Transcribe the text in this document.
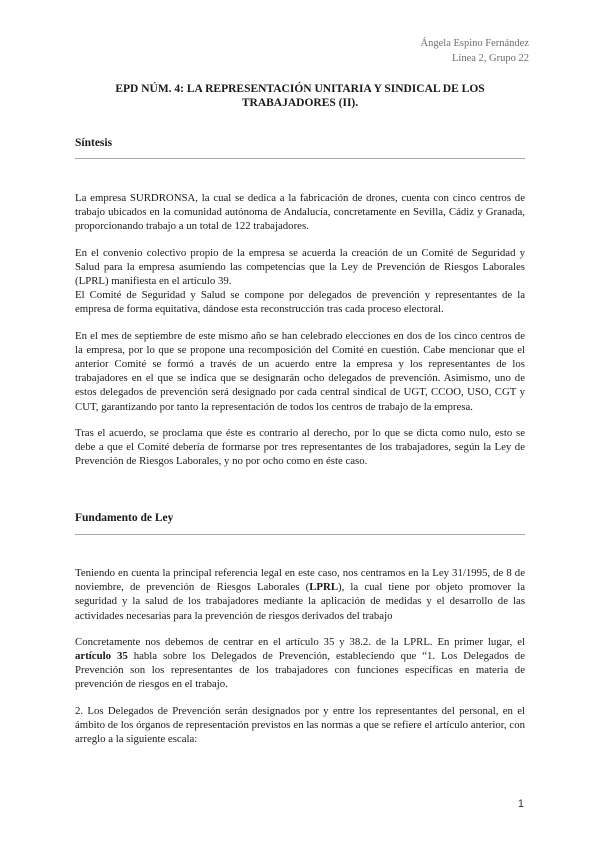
Ángela Espino Fernández
Línea 2, Grupo 22
EPD NÚM. 4: LA REPRESENTACIÓN UNITARIA Y SINDICAL DE LOS TRABAJADORES (II).
Síntesis

La empresa SURDRONSA, la cual se dedica a la fabricación de drones, cuenta con cinco centros de trabajo ubicados en la comunidad autónoma de Andalucía, concretamente en Sevilla, Cádiz y Granada, proporcionando trabajo a un total de 122 trabajadores.

En el convenio colectivo propio de la empresa se acuerda la creación de un Comité de Seguridad y Salud para la empresa asumiendo las competencias que la Ley de Prevención de Riesgos Laborales (LPRL) manifiesta en el artículo 39.

El Comité de Seguridad y Salud se compone por delegados de prevención y representantes de la empresa de forma equitativa, dándose esta reconstrucción tras cada proceso electoral.

En el mes de septiembre de este mismo año se han celebrado elecciones en dos de los cinco centros de la empresa, por lo que se propone una recomposición del Comité en cuestión. Cabe mencionar que el anterior Comité se formó a través de un acuerdo entre la empresa y los representantes de los trabajadores en el que se indica que se designarán ocho delegados de prevención. Asimismo, uno de estos delegados de prevención será designado por cada central sindical de UGT, CCOO, USO, CGT y CUT, garantizando por tanto la representación de todos los centros de trabajo de la empresa.

Tras el acuerdo, se proclama que éste es contrario al derecho, por lo que se dicta como nulo, esto se debe a que el Comité debería de formarse por tres representantes de los trabajadores, según la Ley de Prevención de Riesgos Laborales, y no por ocho como en éste caso.

Fundamento de Ley

Teniendo en cuenta la principal referencia legal en este caso, nos centramos en la Ley 31/1995, de 8 de noviembre, de prevención de Riesgos Laborales (LPRL), la cual tiene por objeto promover la seguridad y la salud de los trabajadores mediante la aplicación de medidas y el desarrollo de las actividades necesarias para la prevención de riesgos derivados del trabajo

Concretamente nos debemos de centrar en el artículo 35 y 38.2. de la LPRL. En primer lugar, el artículo 35 habla sobre los Delegados de Prevención, estableciendo que “1. Los Delegados de Prevención son los representantes de los trabajadores con funciones específicas en materia de prevención de riesgos en el trabajo.

2. Los Delegados de Prevención serán designados por y entre los representantes del personal, en el ámbito de los órganos de representación previstos en las normas a que se refiere el artículo anterior, con arreglo a la siguiente escala:

1
